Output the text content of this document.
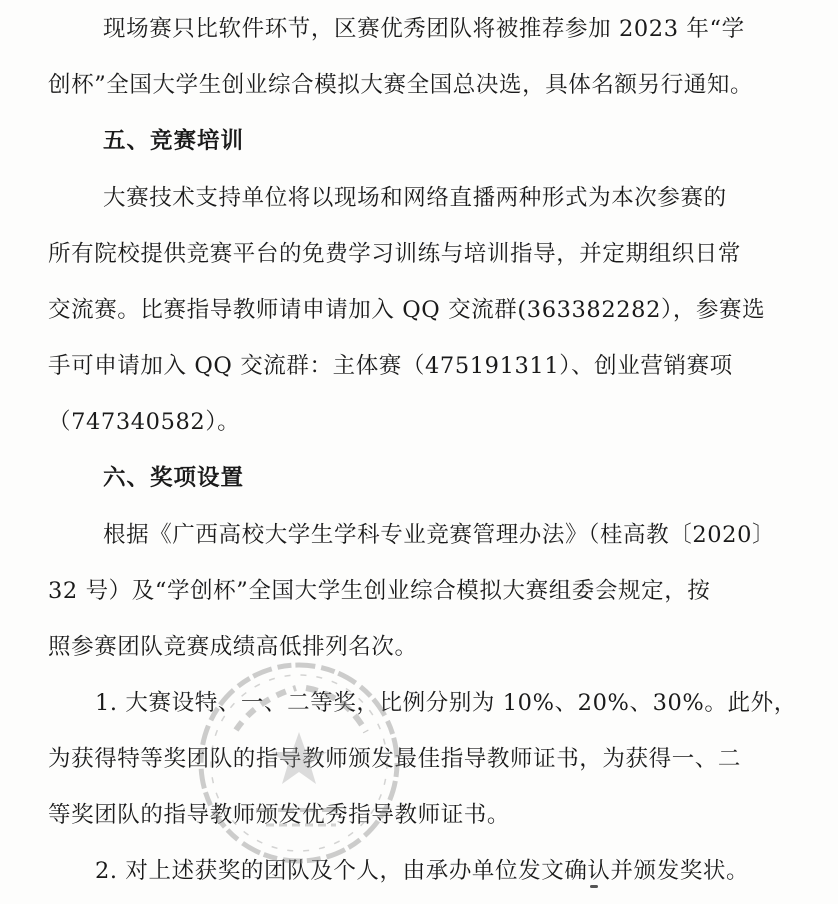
现场赛只比软件环节，区赛优秀团队将被推荐参加 2023 年“学
创杯”全国大学生创业综合模拟大赛全国总决选，具体名额另行通知。
五、竞赛培训
大赛技术支持单位将以现场和网络直播两种形式为本次参赛的
所有院校提供竞赛平台的免费学习训练与培训指导，并定期组织日常
交流赛。比赛指导教师请申请加入 QQ 交流群(363382282），参赛选
手可申请加入 QQ 交流群：主体赛（475191311）、创业营销赛项
（747340582）。
六、奖项设置
根据《广西高校大学生学科专业竞赛管理办法》（桂高教〔2020〕
32 号）及“学创杯”全国大学生创业综合模拟大赛组委会规定，按
照参赛团队竞赛成绩高低排列名次。
1. 大赛设特、一、二等奖，比例分别为 10%、20%、30%。此外，
为获得特等奖团队的指导教师颁发最佳指导教师证书，为获得一、二
等奖团队的指导教师颁发优秀指导教师证书。
2. 对上述获奖的团队及个人，由承办单位发文确认并颁发奖状。
